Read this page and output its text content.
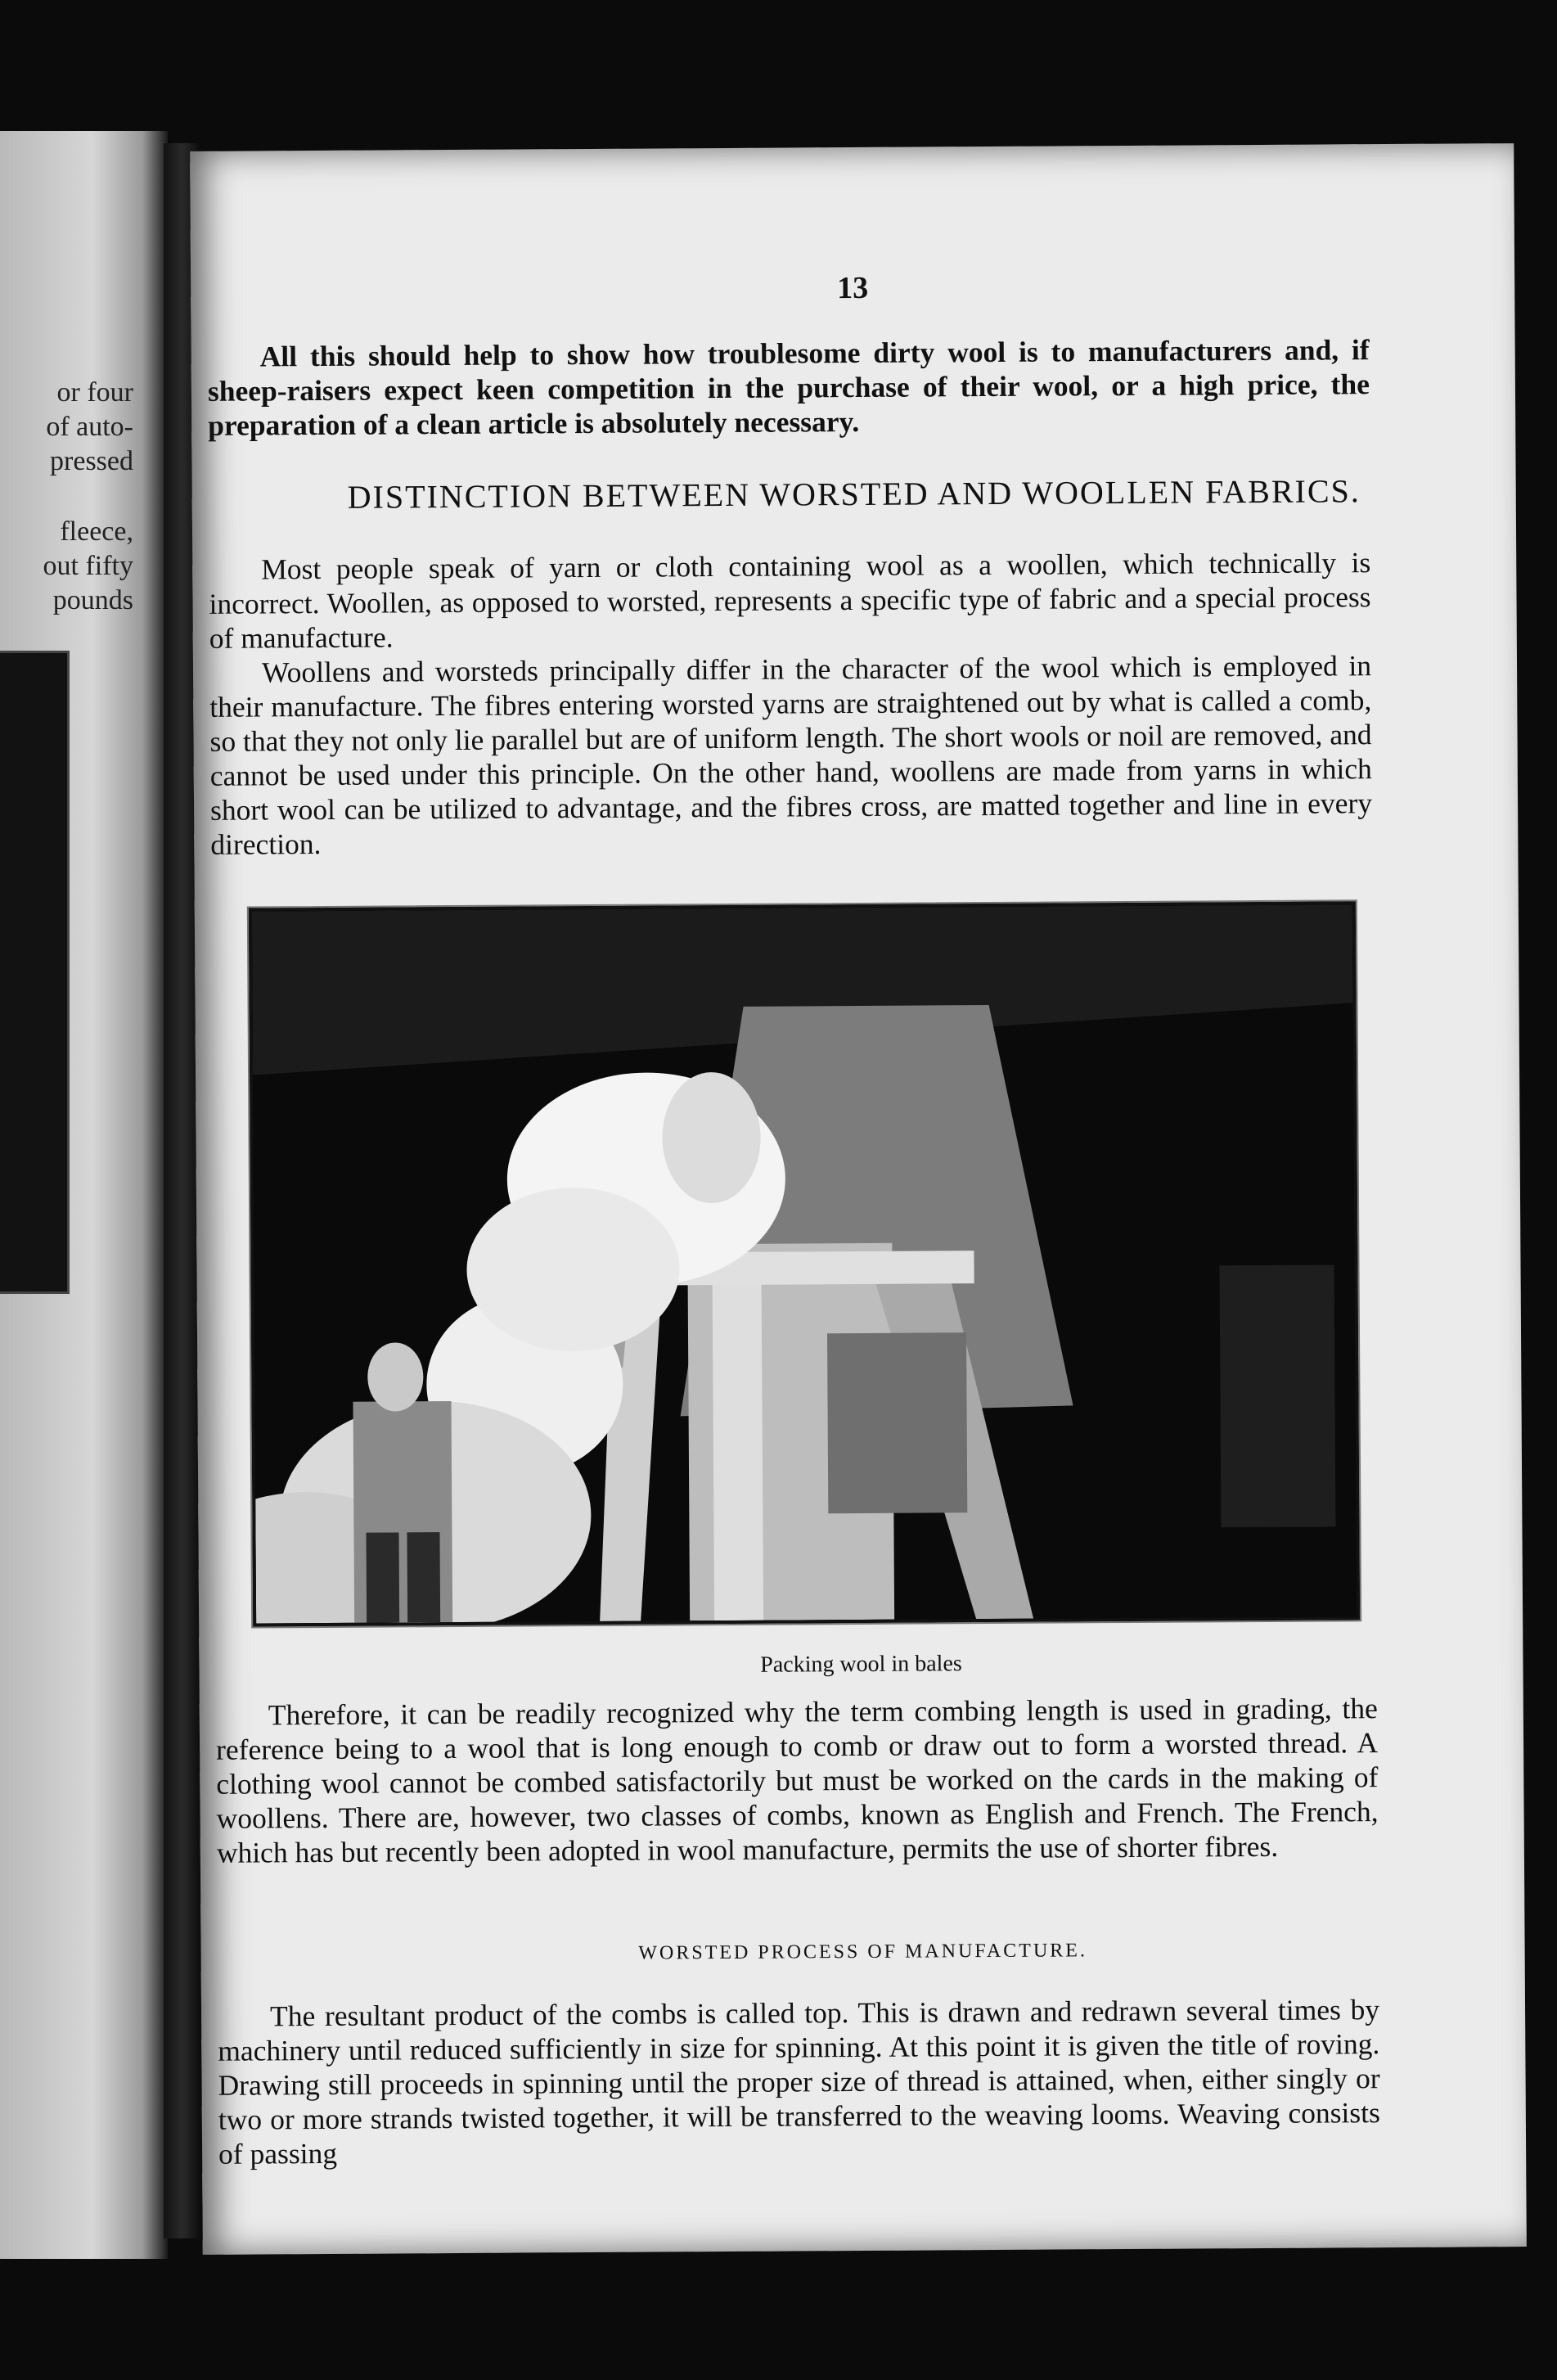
or four
of auto-
pressed
fleece,
out fifty
pounds
13

All this should help to show how troublesome dirty wool is to manufacturers and, if sheep-raisers expect keen competition in the purchase of their wool, or a high price, the preparation of a clean article is absolutely necessary.

DISTINCTION BETWEEN WORSTED AND WOOLLEN FABRICS.

Most people speak of yarn or cloth containing wool as a woollen, which technically is incorrect. Woollen, as opposed to worsted, represents a specific type of fabric and a special process of manufacture.

Woollens and worsteds principally differ in the character of the wool which is employed in their manufacture. The fibres entering worsted yarns are straightened out by what is called a comb, so that they not only lie parallel but are of uniform length. The short wools or noil are removed, and cannot be used under this principle. On the other hand, woollens are made from yarns in which short wool can be utilized to advantage, and the fibres cross, are matted together and line in every direction.

Packing wool in bales

Therefore, it can be readily recognized why the term combing length is used in grading, the reference being to a wool that is long enough to comb or draw out to form a worsted thread. A clothing wool cannot be combed satisfactorily but must be worked on the cards in the making of woollens. There are, however, two classes of combs, known as English and French. The French, which has but recently been adopted in wool manufacture, permits the use of shorter fibres.

WORSTED PROCESS OF MANUFACTURE.

The resultant product of the combs is called top. This is drawn and redrawn several times by machinery until reduced sufficiently in size for spinning. At this point it is given the title of roving. Drawing still proceeds in spinning until the proper size of thread is attained, when, either singly or two or more strands twisted together, it will be transferred to the weaving looms. Weaving consists of passing
